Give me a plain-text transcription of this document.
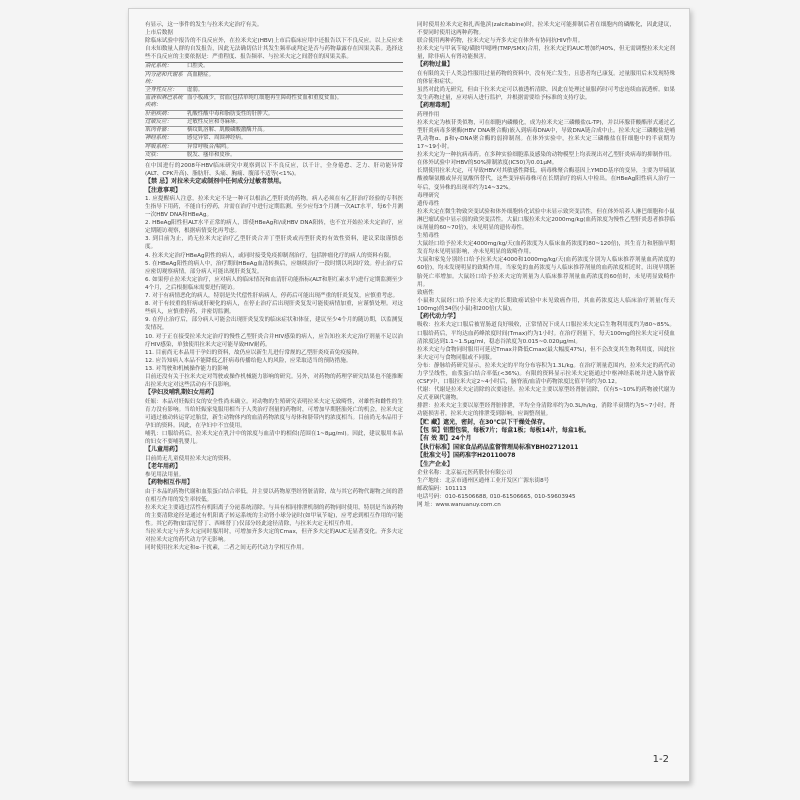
有显示，这一事件的发生与拉米夫定治疗有关。
上市后数据
除临床试验中报告的不良反应外，在拉米夫定(HBV)上市后临床应用中还报告以下不良反应。以上反应来自未知数量人群的自发报告，因此无法确切估计其发生频率或判定是否与药物暴露存在因果关系。选择这些不良反应的主要依据是：严重程度、报告频率、与拉米夫定之间潜在的因果关系。

消化系统：	口腔炎。
内分泌和代谢系统：
高血糖症。
全身性反应：	虚弱。
血液和淋巴系统疾病：
血小板减少，贫血(包括单纯红细胞再生障碍性贫血和重度贫血)。
肝胆疾病：	乳酸性酸中毒和脂肪变性的肝肿大。
过敏反应：	过敏性反应和荨麻疹。
肌肉骨骼：	横纹肌溶解、肌酸磷酸激酶升高。
神经系统：	感觉异常、周围神经病。
呼吸系统：	异常呼吸音/喘鸣。
皮肤：	脱发、瘙痒和皮疹。

在中国进行的2008年HBV临床研究中观察到以下不良反应，以千计，全身倦怠、乏力、肝功能异常(ALT、CPK升高)、脂肪肝、头痛、胸痛、腹部不适等(<1%)。

【禁 忌】对拉米夫定或制剂中任何成分过敏者禁用。

【注意事项】

1. 应提醒病人注意，拉米夫定不是一种可以根治乙型肝炎的药物。病人必须在有乙肝治疗经验的专科医生指导下用药，不能自行停药，并需在治疗中进行定期监测。至少应每3个月测一次ALT水平，每6个月测一次HBV DNA和HBeAg。
2. HBeAg阳性但ALT水平正常的病人，即使HBeAg和/或HBV DNA阳转，也不宜开始拉米夫定治疗，应定期随访观察，根据病情变化再考虑。
3. 到目前为止，尚无拉米夫定治疗乙型肝炎合并丁型肝炎或丙型肝炎的有效性资料，建议采取谨慎态度。
4. 拉米夫定治疗HBeAg阴性的病人，或同时接受免疫抑制剂治疗，包括肿瘤化疗的病人的资料有限。
5. 在HBeAg阳性的病人中，治疗期间HBeAg血清转换后，应继续治疗一段时期以巩固疗效。停止治疗后应密切观察病情，部分病人可能出现肝炎复发。
6. 如果停止拉米夫定治疗，应对病人的临床情况和血清肝功能指标(ALT和胆红素水平)进行定期监测至少4个月，之后根据临床需要进行随访。
7. 对于有病情恶化的病人，特别是失代偿性肝病病人，停药后可能出现严重的肝炎复发，应慎重考虑。
8. 对于有较重的肝病或肝硬化的病人，在停止治疗后出现肝炎复发可能使病情加重，应谨慎处理。对这些病人，应慎重停药，并密切监测。
9. 在停止治疗后，部分病人可能会出现肝炎复发的临床症状和体征，建议至少4个月的随访期，以监测复发情况。
10. 对于正在接受拉米夫定治疗的慢性乙型肝炎合并HIV感染的病人，应告知拉米夫定治疗剂量不足以治疗HIV感染，单独使用拉米夫定可能导致HIV耐药。
11. 目前尚无本品用于孕妇的资料，故仍应以新生儿进行常规的乙型肝炎疫苗免疫接种。
12. 应告知病人本品不能降低乙肝病毒传播给他人的风险，应采取适当的预防措施。
13. 对驾驶和机械操作能力的影响
目前还没有关于拉米夫定对驾驶或操作机械能力影响的研究。另外，对药物的药理学研究结果也不能推断出拉米夫定对这些活动有不良影响。

【孕妇及哺乳期妇女用药】

妊娠：本品对妊娠妇女的安全性尚未确立。对动物的生殖研究表明拉米夫定无致畸性，对雄性和雌性的生育力没有影响。当给妊娠家兔服用相当于人类治疗剂量的药物时，可增加早期胚胎死亡的机会，拉米夫定可通过被动转运穿过胎盘，新生动物体内的血清药物浓度与母体和脐带内的浓度相当。目前尚无本品用于孕妇的资料。因此，在孕妇中不宜使用。
哺乳：口服给药后，拉米夫定在乳汁中的浓度与血清中的相似(范围在1~8μg/ml)。因此，建议服用本品的妇女不要哺乳婴儿。

【儿童用药】

目前尚无儿童使用拉米夫定的资料。

【老年用药】

参见用法用量。

【药物相互作用】

由于本品的药物代谢和血浆蛋白结合率低，并主要以药物原型经肾脏清除，故与其它药物代谢物之间的潜在相互作用的发生率较低。
拉米夫定主要通过活性有机阳离子分泌系统清除。与具有相同排泄机制的药物同时使用，特别是当该药物的主要清除途径是通过有机阳离子转运系统的主动肾小球分泌时(如甲氧苄啶)，应考虑到相互作用的可能性。其它药物(如雷尼替丁、西咪替丁)仅部分经此途径清除，与拉米夫定无相互作用。
当拉米夫定与齐多夫定同时服用时，可增加齐多夫定的Cmax，但齐多夫定的AUC无显著变化。齐多夫定对拉米夫定的药代动力学无影响。
同时使用拉米夫定和α-干扰素，二者之间无药代动力学相互作用。

同时使用拉米夫定和扎西他滨(zalcitabine)时，拉米夫定可能抑制后者在细胞内的磷酸化，因此建议，不要同时使用这两种药物。
联合使用两种药物，拉米夫定与齐多夫定在体外有协同抗HIV作用。
拉米夫定与甲氧苄啶/磺胺甲噁唑(TMP/SMX)合用，拉米夫定的AUC增加约40%，但无需调整拉米夫定剂量，除非病人有肾功能损害。

【药物过量】

在有限的关于人类急性服用过量药物的资料中，没有死亡发生，且患者均已康复。过量服用后未发现特殊的体征和症状。
虽然对此尚无研究，但由于拉米夫定可以被透析清除，因此在处理过量服药时可考虑连续血液透析。如果发生药物过量，应对病人进行监护，并根据需要给予标准的支持疗法。

【药理毒理】

药理作用
拉米夫定为核苷类似物，可在细胞内磷酸化，成为拉米夫定三磷酸盐(L-TP)，并以环腺苷酸酯形式通过乙型肝炎病毒多聚酶(HBV DNA聚合酶)嵌入到病毒DNA中，导致DNA链合成中止。拉米夫定三磷酸盐是哺乳动物α、β和γ-DNA聚合酶的弱抑制剂。在体外实验中，拉米夫定三磷酸盐在肝细胞中的半衰期为17~19小时。
拉米夫定为一种抗病毒药。在多种实验细胞系及感染的动物模型上均表现出对乙型肝炎病毒的抑制作用。在体外试验中对HBV的50%抑制浓度(IC50)为0.01μM。
长期使用拉米夫定，可导致HBV对其敏感性降低。病毒株聚合酶基因上YMDD基序的变异，主要为甲硫氨酸被缬氨酸或异亮氨酸所替代，这些变异病毒株可在长期治疗的病人中检出。在HBeAg阳性病人治疗一年后，变异株的出现率约为14~32%。
毒理研究
遗传毒性
拉米夫定在微生物致突变试验和体外细胞转化试验中未显示致突变活性，但在体外培养人淋巴细胞和小鼠淋巴瘤试验中显示弱的致突变活性。大鼠口服拉米夫定2000mg/kg(血药浓度为慢性乙型肝炎患者推荐临床剂量的60~70倍)，未见明显的遗传毒性。
生殖毒性
大鼠经口给予拉米夫定4000mg/kg/天(血药浓度为人临床血药浓度的80~120倍)，其生育力和胚胎早期发育均未见明显影响，亦未见明显的致畸作用。
大鼠和家兔分别经口给予拉米夫定4000和1000mg/kg/天(血药浓度分别为人临床推荐剂量血药浓度的60倍)，均未发现明显的致畸作用。当家兔的血药浓度与人临床推荐剂量的血药浓度相近时，出现早期胚胎死亡率增加。大鼠经口给予拉米夫定的剂量为人临床推荐剂量血药浓度的60倍时，未见明显致畸作用。
致癌性
小鼠和大鼠经口给予拉米夫定的长期致癌试验中未见致癌作用，其血药浓度达人临床治疗剂量(每天100mg)的34倍(小鼠)和200倍(大鼠)。

【药代动力学】

吸收：拉米夫定口服后被胃肠道良好吸收，正常情况下成人口服拉米夫定后生物利用度约为80~85%。口服给药后，平均达血药峰浓度时间(Tmax)约为1小时。在治疗剂量下，每天100mg的拉米夫定可使血清浓度达到1.1~1.5μg/ml，稳态谷浓度为0.015~0.020μg/ml。
拉米夫定与食物同时服用可延迟Tmax并降低Cmax(最大幅度47%)，但不会改变其生物利用度，因此拉米夫定可与食物同服或不同服。
分布：静脉给药研究显示，拉米夫定的平均分布容积为1.3L/kg。在治疗剂量范围内，拉米夫定的药代动力学呈线性，血浆蛋白结合率低(<36%)。有限的资料显示拉米夫定能通过中枢神经系统并进入脑脊液(CSF)中，口服拉米夫定2~4小时后，脑脊液/血清中药物浓度比值平均约为0.12。
代谢：代谢是拉米夫定清除的次要途径。拉米夫定主要以原型经肾脏清除，仅有5~10%的药物被代谢为反式亚砜代谢物。
排泄：拉米夫定主要以原型经肾脏排泄，平均全身清除率约为0.3L/h/kg，消除半衰期约为5~7小时。肾功能损害者，拉米夫定的排泄受到影响，应调整剂量。

【贮 藏】遮光，密封，在30℃以下干燥处保存。

【包 装】铝塑包装，每板7片；每盒1板；每板14片，每盒1板。

【有 效 期】24个月

【执行标准】国家食品药品监督管理局标准YBH02712011

【批准文号】国药准字H20110078

【生产企业】

企业名称：北京福元医药股份有限公司
生产地址：北京市通州区通州工业开发区广源东街8号
邮政编码：101113
电话号码：010-61506688, 010-61506665, 010-59603945
网 址：www.wanuanuy.com.cn

1-2
